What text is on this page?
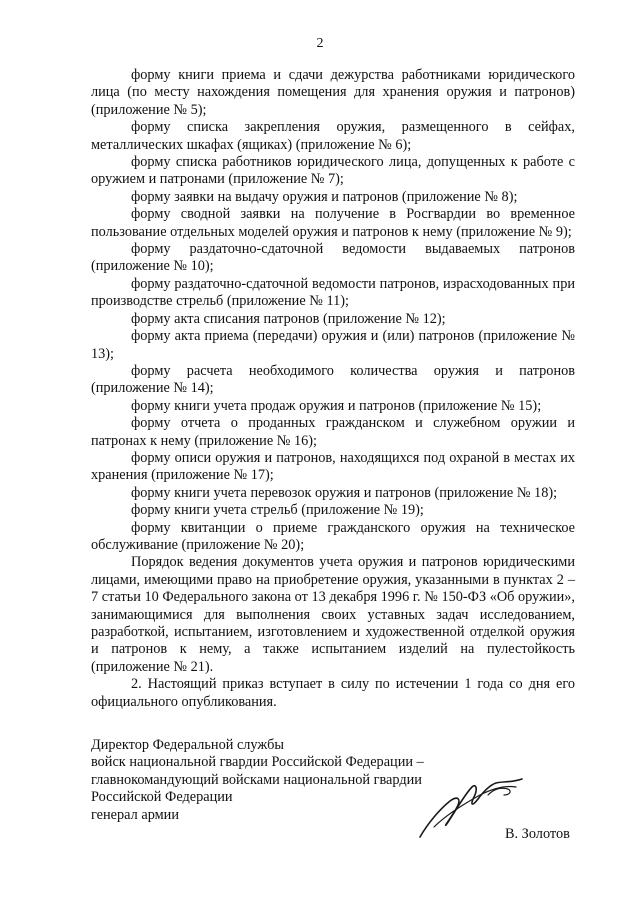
2

форму книги приема и сдачи дежурства работниками юридического лица (по месту нахождения помещения для хранения оружия и патронов) (приложение № 5);

форму списка закрепления оружия, размещенного в сейфах, металлических шкафах (ящиках) (приложение № 6);

форму списка работников юридического лица, допущенных к работе с оружием и патронами (приложение № 7);

форму заявки на выдачу оружия и патронов (приложение № 8);

форму сводной заявки на получение в Росгвардии во временное пользование отдельных моделей оружия и патронов к нему (приложение № 9);

форму раздаточно-сдаточной ведомости выдаваемых патронов (приложение № 10);

форму раздаточно-сдаточной ведомости патронов, израсходованных при производстве стрельб (приложение № 11);

форму акта списания патронов (приложение № 12);

форму акта приема (передачи) оружия и (или) патронов (приложение № 13);

форму расчета необходимого количества оружия и патронов (приложение № 14);

форму книги учета продаж оружия и патронов (приложение № 15);

форму отчета о проданных гражданском и служебном оружии и патронах к нему (приложение № 16);

форму описи оружия и патронов, находящихся под охраной в местах их хранения (приложение № 17);

форму книги учета перевозок оружия и патронов (приложение № 18);

форму книги учета стрельб (приложение № 19);

форму квитанции о приеме гражданского оружия на техническое обслуживание (приложение № 20);

Порядок ведения документов учета оружия и патронов юридическими лицами, имеющими право на приобретение оружия, указанными в пунктах 2 – 7 статьи 10 Федерального закона от 13 декабря 1996 г. № 150-ФЗ «Об оружии», занимающимися для выполнения своих уставных задач исследованием, разработкой, испытанием, изготовлением и художественной отделкой оружия и патронов к нему, а также испытанием изделий на пулестойкость (приложение № 21).

2. Настоящий приказ вступает в силу по истечении 1 года со дня его официального опубликования.

Директор Федеральной службы
войск национальной гвардии Российской Федерации –
главнокомандующий войсками национальной гвардии
Российской Федерации
генерал армии
В. Золотов
